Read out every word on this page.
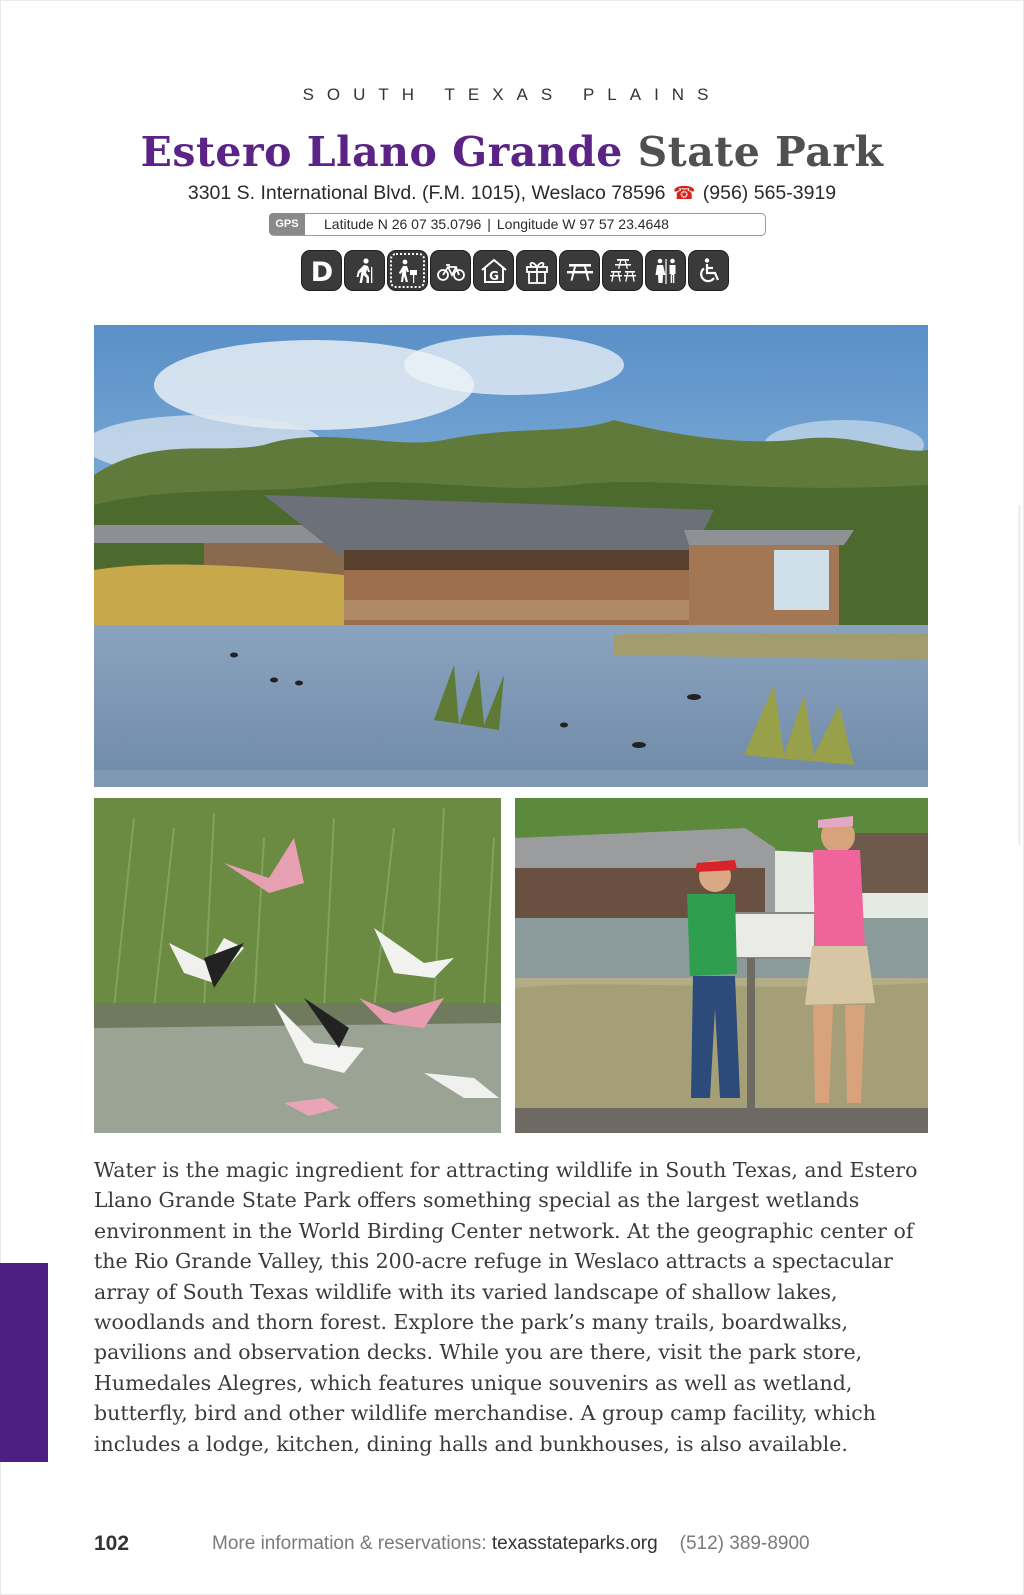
SOUTH TEXAS PLAINS
Estero Llano Grande State Park
3301 S. International Blvd. (F.M. 1015), Weslaco 78596 ☎ (956) 565-3919
GPS	Latitude N 26 07 35.0796 | Longitude W 97 57 23.4648
D	G

Water is the magic ingredient for attracting wildlife in South Texas, and Estero Llano Grande State Park offers something special as the largest wetlands environment in the World Birding Center network. At the geographic center of the Rio Grande Valley, this 200-acre refuge in Weslaco attracts a spectacular array of South Texas wildlife with its varied landscape of shallow lakes, woodlands and thorn forest. Explore the park’s many trails, boardwalks, pavilions and observation decks. While you are there, visit the park store, Humedales Alegres, which features unique souvenirs as well as wetland, butterfly, bird and other wildlife merchandise. A group camp facility, which includes a lodge, kitchen, dining halls and bunkhouses, is also available.

102	More information & reservations: texasstateparks.org (512) 389-8900
